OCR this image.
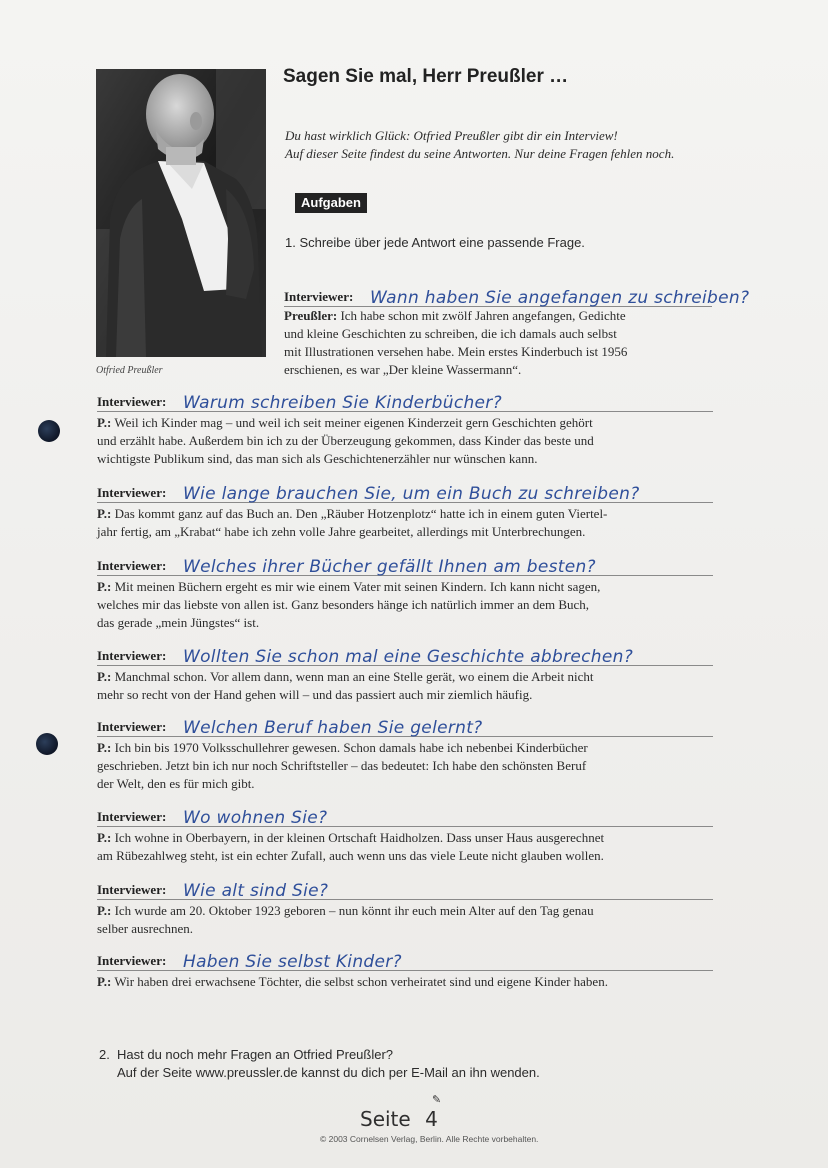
Otfried Preußler
Sagen Sie mal, Herr Preußler …
Du hast wirklich Glück: Otfried Preußler gibt dir ein Interview!
Auf dieser Seite findest du seine Antworten. Nur deine Fragen fehlen noch.
Aufgaben
1. Schreibe über jede Antwort eine passende Frage.
Interviewer: Wann haben Sie angefangen zu schreiben?
Preußler: Ich habe schon mit zwölf Jahren angefangen, Gedichte
und kleine Geschichten zu schreiben, die ich damals auch selbst
mit Illustrationen versehen habe. Mein erstes Kinderbuch ist 1956
erschienen, es war „Der kleine Wassermann“.
Interviewer: Warum schreiben Sie Kinderbücher?
P.: Weil ich Kinder mag – und weil ich seit meiner eigenen Kinderzeit gern Geschichten gehört
und erzählt habe. Außerdem bin ich zu der Überzeugung gekommen, dass Kinder das beste und
wichtigste Publikum sind, das man sich als Geschichtenerzähler nur wünschen kann.
Interviewer: Wie lange brauchen Sie, um ein Buch zu schreiben?
P.: Das kommt ganz auf das Buch an. Den „Räuber Hotzenplotz“ hatte ich in einem guten Viertel-
jahr fertig, am „Krabat“ habe ich zehn volle Jahre gearbeitet, allerdings mit Unterbrechungen.
Interviewer: Welches ihrer Bücher gefällt Ihnen am besten?
P.: Mit meinen Büchern ergeht es mir wie einem Vater mit seinen Kindern. Ich kann nicht sagen,
welches mir das liebste von allen ist. Ganz besonders hänge ich natürlich immer an dem Buch,
das gerade „mein Jüngstes“ ist.
Interviewer: Wollten Sie schon mal eine Geschichte abbrechen?
P.: Manchmal schon. Vor allem dann, wenn man an eine Stelle gerät, wo einem die Arbeit nicht
mehr so recht von der Hand gehen will – und das passiert auch mir ziemlich häufig.
Interviewer: Welchen Beruf haben Sie gelernt?
P.: Ich bin bis 1970 Volksschullehrer gewesen. Schon damals habe ich nebenbei Kinderbücher
geschrieben. Jetzt bin ich nur noch Schriftsteller – das bedeutet: Ich habe den schönsten Beruf
der Welt, den es für mich gibt.
Interviewer: Wo wohnen Sie?
P.: Ich wohne in Oberbayern, in der kleinen Ortschaft Haidholzen. Dass unser Haus ausgerechnet
am Rübezahlweg steht, ist ein echter Zufall, auch wenn uns das viele Leute nicht glauben wollen.
Interviewer: Wie alt sind Sie?
P.: Ich wurde am 20. Oktober 1923 geboren – nun könnt ihr euch mein Alter auf den Tag genau
selber ausrechnen.
Interviewer: Haben Sie selbst Kinder?
P.: Wir haben drei erwachsene Töchter, die selbst schon verheiratet sind und eigene Kinder haben.
2. Hast du noch mehr Fragen an Otfried Preußler?
Auf der Seite www.preussler.de kannst du dich per E-Mail an ihn wenden.
Seite 4
✎
© 2003 Cornelsen Verlag, Berlin. Alle Rechte vorbehalten.
